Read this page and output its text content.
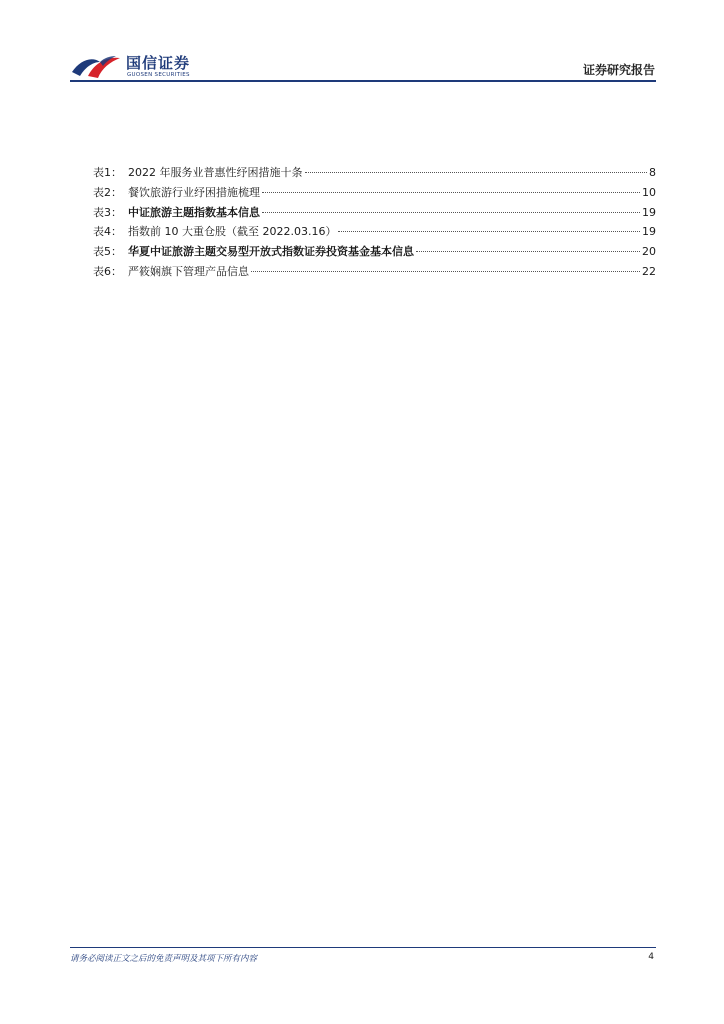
国信证券
GUOSEN SECURITIES	证券研究报告
表1： 2022 年服务业普惠性纾困措施十条	8
表2： 餐饮旅游行业纾困措施梳理	10
表3： 中证旅游主题指数基本信息	19
表4： 指数前 10 大重仓股（截至 2022.03.16）	19
表5： 华夏中证旅游主题交易型开放式指数证券投资基金基本信息	20
表6： 严筱娴旗下管理产品信息	22
请务必阅读正文之后的免责声明及其项下所有内容	4
